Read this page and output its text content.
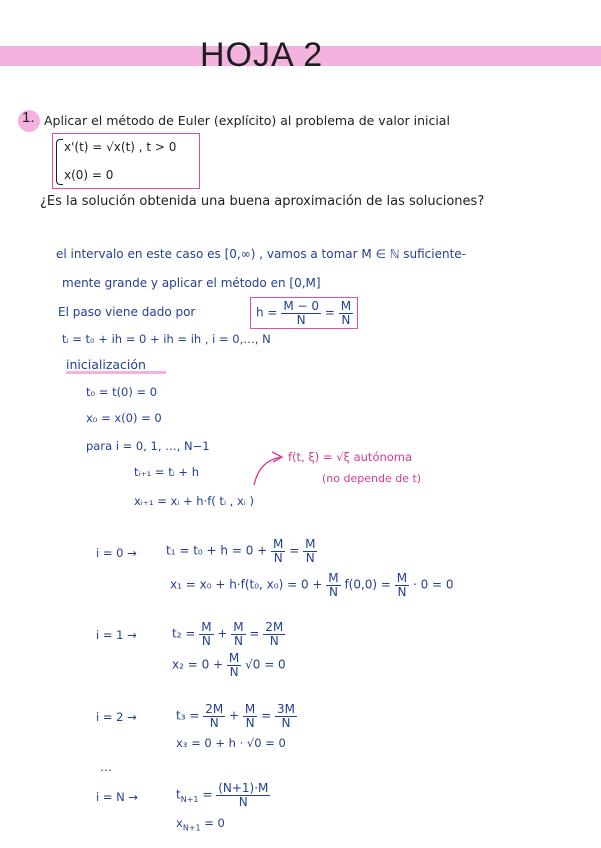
HOJA 2
1. Aplicar el método de Euler (explícito) al problema de valor inicial
x'(t) = √x(t) , t > 0
x(0) = 0
¿Es la solución obtenida una buena aproximación de las soluciones?
el intervalo en este caso es [0,∞) , vamos a tomar M ∈ ℕ suficiente-
mente grande y aplicar el método en [0,M]
El paso viene dado por	$h = \frac{M - 0}{N} = \frac{M}{N}$
tᵢ = t₀ + ih = 0 + ih = ih , i = 0,…, N
inicialización
t₀ = t(0) = 0
x₀ = x(0) = 0
para i = 0, 1, …, N−1
tᵢ₊₁ = tᵢ + h
xᵢ₊₁ = xᵢ + h·f( tᵢ , xᵢ )
f(t, ξ) = √ξ autónoma
(no depende de t)
$i = 0 \to t_1 = t_0 + h = 0 + \frac{M}{N} = \frac{M}{N}$
x₁ = x₀ + h·f(t₀, $x_0) = 0 + \frac{M}{N} f(0,0) = \frac{M}{N} \cdot 0 = 0$
i = 1 →	$t_2 = \frac{M}{N} + \frac{M}{N} = \frac{2M}{N}$
$x_2 = 0 + \frac{M}{N} √0 = 0$
i = 2 →	$t_3 = \frac{2M}{N} + \frac{M}{N} = \frac{3M}{N}$
x₃ = 0 + h · √0 = 0
…
i = N →	$t_{N+1} = \frac{(N+1)\cdot M}{N}$
$x_{N+1} = 0$
